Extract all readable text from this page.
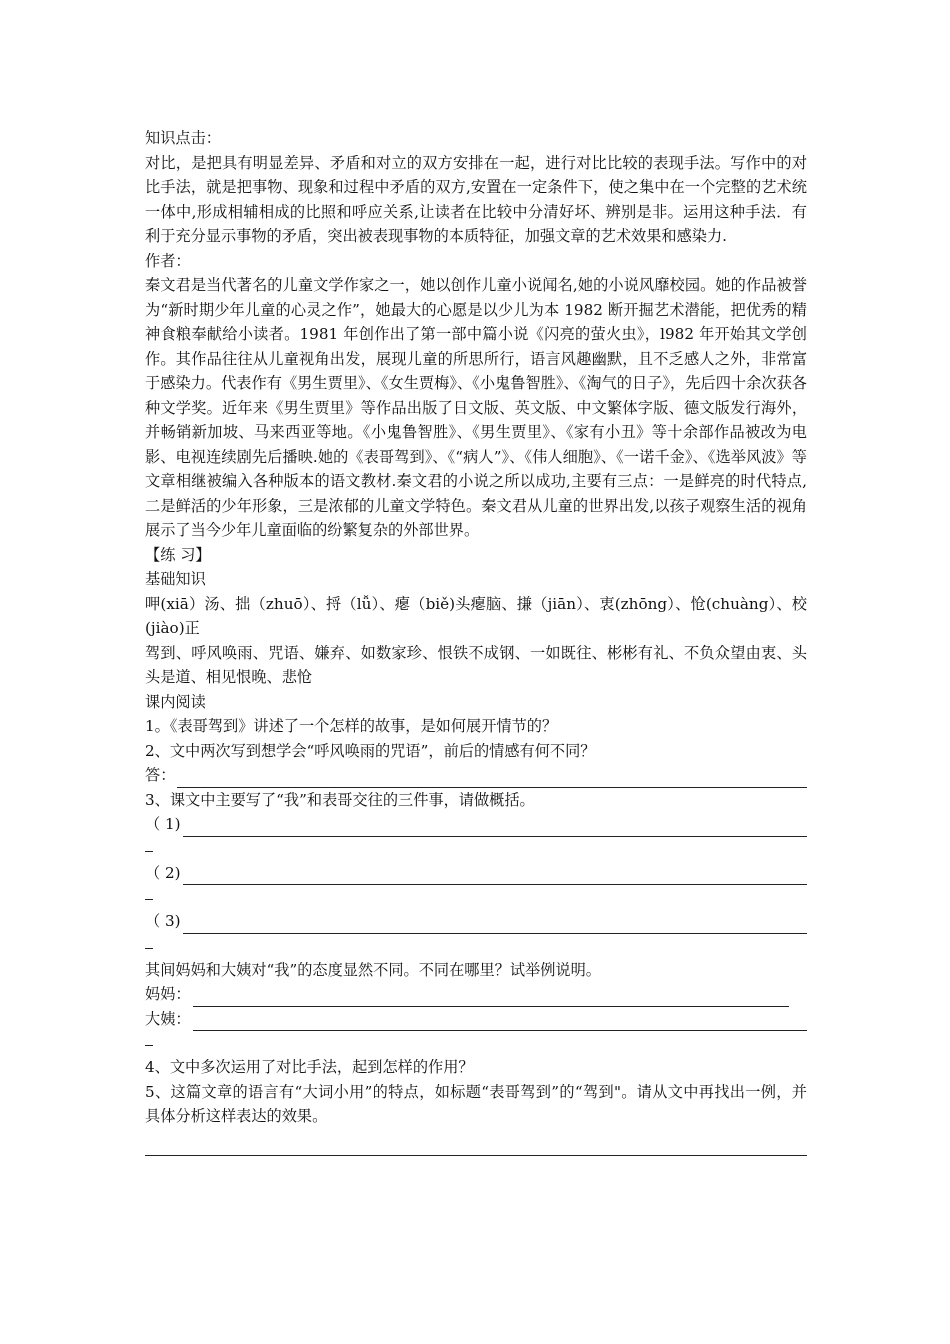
知识点击：

对比，是把具有明显差异、矛盾和对立的双方安排在一起，进行对比比较的表现手法。写作中的对比手法，就是把事物、现象和过程中矛盾的双方,安置在一定条件下，使之集中在一个完整的艺术统一体中,形成相辅相成的比照和呼应关系,让读者在比较中分清好坏、辨别是非。运用这种手法．有利于充分显示事物的矛盾，突出被表现事物的本质特征，加强文章的艺术效果和感染力.

作者：

秦文君是当代著名的儿童文学作家之一，她以创作儿童小说闻名,她的小说风靡校园。她的作品被誉为“新时期少年儿童的心灵之作”，她最大的心愿是以少儿为本 1982 断开掘艺术潜能，把优秀的精神食粮奉献给小读者。1981 年创作出了第一部中篇小说《闪亮的萤火虫》，l982 年开始其文学创作。其作品往往从儿童视角出发，展现儿童的所思所行，语言风趣幽默，且不乏感人之外，非常富于感染力。代表作有《男生贾里》、《女生贾梅》、《小鬼鲁智胜》、《淘气的日子》，先后四十余次获各种文学奖。近年来《男生贾里》等作品出版了日文版、英文版、中文繁体字版、德文版发行海外，并畅销新加坡、马来西亚等地。《小鬼鲁智胜》、《男生贾里》、《家有小丑》等十余部作品被改为电影、电视连续剧先后播映.她的《表哥驾到》、《“病人”》、《伟人细胞》、《一诺千金》、《选举风波》等文章相继被编入各种版本的语文教材.秦文君的小说之所以成功,主要有三点：一是鲜亮的时代特点,二是鲜活的少年形象，三是浓郁的儿童文学特色。秦文君从儿童的世界出发,以孩子观察生活的视角展示了当今少年儿童面临的纷繁复杂的外部世界。

【练 习】
基础知识

呷(xiā）汤、拙（zhuō）、捋（lǚ）、瘪（biě)头瘪脑、搛（jiān）、衷(zhōng）、怆(chuàng）、校(jiào)正

驾到、呼风唤雨、咒语、嫌弃、如数家珍、恨铁不成钢、一如既往、彬彬有礼、不负众望由衷、头头是道、相见恨晚、悲怆

课内阅读
1。《表哥驾到》讲述了一个怎样的故事，是如何展开情节的？
2、文中两次写到想学会“呼风唤雨的咒语”，前后的情感有何不同？
答：
3、课文中主要写了“我”和表哥交往的三件事，请做概括。
（ 1)
（ 2)
（ 3)
其间妈妈和大姨对“我”的态度显然不同。不同在哪里？试举例说明。
妈妈：
大姨：
4、文中多次运用了对比手法，起到怎样的作用？

5、这篇文章的语言有“大词小用”的特点，如标题“表哥驾到”的“驾到"。请从文中再找出一例，并具体分析这样表达的效果。
